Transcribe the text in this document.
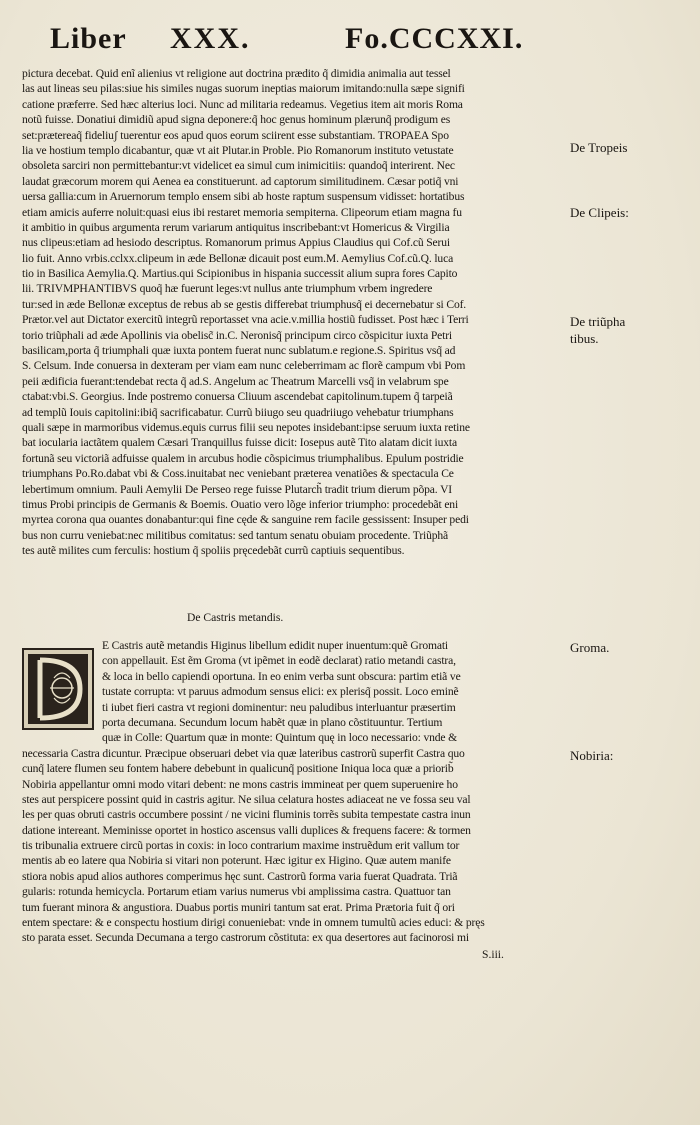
Liber XXX.	Fo.CCCXXI.
pictura decebat. Quid enĩ alienius vt religione aut doctrina prædito q̃ dimidia animalia aut tessel
las aut lineas seu pilas:siue his similes nugas suorum ineptias maiorum imitando:nulla sæpe signifi
catione præferre. Sed hæc alterius loci. Nunc ad militaria redeamus. Vegetius item ait moris Roma
notũ fuisse. Donatiui dimidiũ apud signa deponere:q̃ hoc genus hominum plærunq̃ prodigum es
set:prætereaq̃ fideliuʃ tuerentur eos apud quos eorum sciirent esse substantiam. TROPAEA Spo
lia ve hostium templo dicabantur, quæ vt ait Plutar.in Proble. Pio Romanorum instituto vetustate
obsoleta sarciri non permittebantur:vt videlicet ea simul cum inimicitiis: quandoq̃ interirent. Nec
laudat græcorum morem qui Aenea ea constituerunt. ad captorum similitudinem. Cæsar potiq̃ vni
uersa gallia:cum in Aruernorum templo ensem sibi ab hoste raptum suspensum vidisset: hortatibus
etiam amicis auferre noluit:quasi eius ibi restaret memoria sempiterna. Clipeorum etiam magna fu
it ambitio in quibus argumenta rerum variarum antiquitus inscribebant:vt Homericus & Virgilia
nus clipeus:etiam ad hesiodo descriptus. Romanorum primus Appius Claudius qui Cof.cũ Serui
lio fuit. Anno vrbis.cclxx.clipeum in æde Bellonæ dicauit post eum.M. Aemylius Cof.cũ.Q. luca
tio in Basilica Aemylia.Q. Martius.qui Scipionibus in hispania successit alium supra fores Capito
lii. TRIVMPHANTIBVS quoq̃ hæ fuerunt leges:vt nullus ante triumphum vrbem ingredere
tur:sed in æde Bellonæ exceptus de rebus ab se gestis differebat triumphusq̃ ei decernebatur si Cof.
Prætor.vel aut Dictator exercitũ integrũ reportasset vna acie.v.millia hostiũ fudisset. Post hæc i Terri
torio triũphali ad æde Apollinis via obelisc̃ in.C. Neronisq̃ principum circo cõspicitur iuxta Petri
basilicam,porta q̃ triumphali quæ iuxta pontem fuerat nunc sublatum.e regione.S. Spiritus vsq̃ ad
S. Celsum. Inde conuersa in dexteram per viam eam nunc celeberrimam ac florẽ campum vbi Pom
peii ædificia fuerant:tendebat recta q̃ ad.S. Angelum ac Theatrum Marcelli vsq̃ in velabrum spe
ctabat:vbi.S. Georgius. Inde postremo conuersa Cliuum ascendebat capitolinum.tupem q̃ tarpeiã
ad templũ Iouis capitolini:ibiq̃ sacrificabatur. Currũ biiugo seu quadriiugo vehebatur triumphans
quali sæpe in marmoribus videmus.equis currus filii seu nepotes insidebant:ipse seruum iuxta retine
bat iocularia iactãtem qualem Cæsari Tranquillus fuisse dicit: Iosepus autẽ Tito alatam dicit iuxta
fortunã seu victoriã adfuisse qualem in arcubus hodie cõspicimus triumphalibus. Epulum postridie
triumphans Po.Ro.dabat vbi & Coss.inuitabat nec veniebant præterea venatiões & spectacula Ce
lebertimum omnium. Pauli Aemylii De Perseo rege fuisse Plutarch̃ tradit trium dierum põpa. VI
timus Probi principis de Germanis & Boemis. Ouatio vero lõge inferior triumpho: procedebãt eni
myrtea corona qua ouantes donabantur:qui fine cęde & sanguine rem facile gessissent: Insuper pedi
bus non curru veniebat:nec militibus comitatus: sed tantum senatu obuiam procedente. Triũphã
tes autẽ milites cum ferculis: hostium q̃ spoliis pręcedebãt currũ captiuis sequentibus.
De Castris metandis.
E Castris autẽ metandis Higinus libellum edidit nuper inuentum:quẽ Gromati
con appellauit. Est ẽm Groma (vt ipẽmet in eodẽ declarat) ratio metandi castra,
& loca in bello capiendi oportuna. In eo enim verba sunt obscura: partim etiã ve
tustate corrupta: vt paruus admodum sensus elici: ex plerisq̃ possit. Loco eminẽ
ti iubet fieri castra vt regioni dominentur: neu paludibus interluantur præsertim
porta decumana. Secundum locum habẽt quæ in plano cõstituuntur. Tertium
quæ in Colle: Quartum quæ in monte: Quintum quę in loco necessario: vnde &
necessaria Castra dicuntur. Præcipue obseruari debet via quæ lateribus castrorũ superfit Castra quo
cunq̃ latere flumen seu fontem habere debebunt in qualicunq̃ positione Iniqua loca quæ a priorib̃
Nobiria appellantur omni modo vitari debent: ne mons castris immineat per quem superuenire ho
stes aut perspicere possint quid in castris agitur. Ne silua celatura hostes adiaceat ne ve fossa seu val
les per quas obruti castris occumbere possint / ne vicini fluminis torrẽs subita tempestate castra inun
datione intereant. Meminisse oportet in hostico ascensus valli duplices & frequens facere: & tormen
tis tribunalia extruere circũ portas in coxis: in loco contrarium maxime instruẽdum erit vallum tor
mentis ab eo latere qua Nobiria si vitari non poterunt. Hæc igitur ex Higino. Quæ autem manife
stiora nobis apud alios authores comperimus hęc sunt. Castrorũ forma varia fuerat Quadrata. Triã
gularis: rotunda hemicycla. Portarum etiam varius numerus vbi amplissima castra. Quattuor tan
tum fuerant minora & angustiora. Duabus portis muniri tantum sat erat. Prima Prætoria fuit q̃ ori
entem spectare: & e conspectu hostium dirigi conueniebat: vnde in omnem tumultũ acies educi: & pręs
sto parata esset. Secunda Decumana a tergo castrorum cõstituta: ex qua desertores aut facinorosi mi
De Tropeis
De Clipeis:
De triũpha
tibus.
Groma.
Nobiria:
S.iii.
